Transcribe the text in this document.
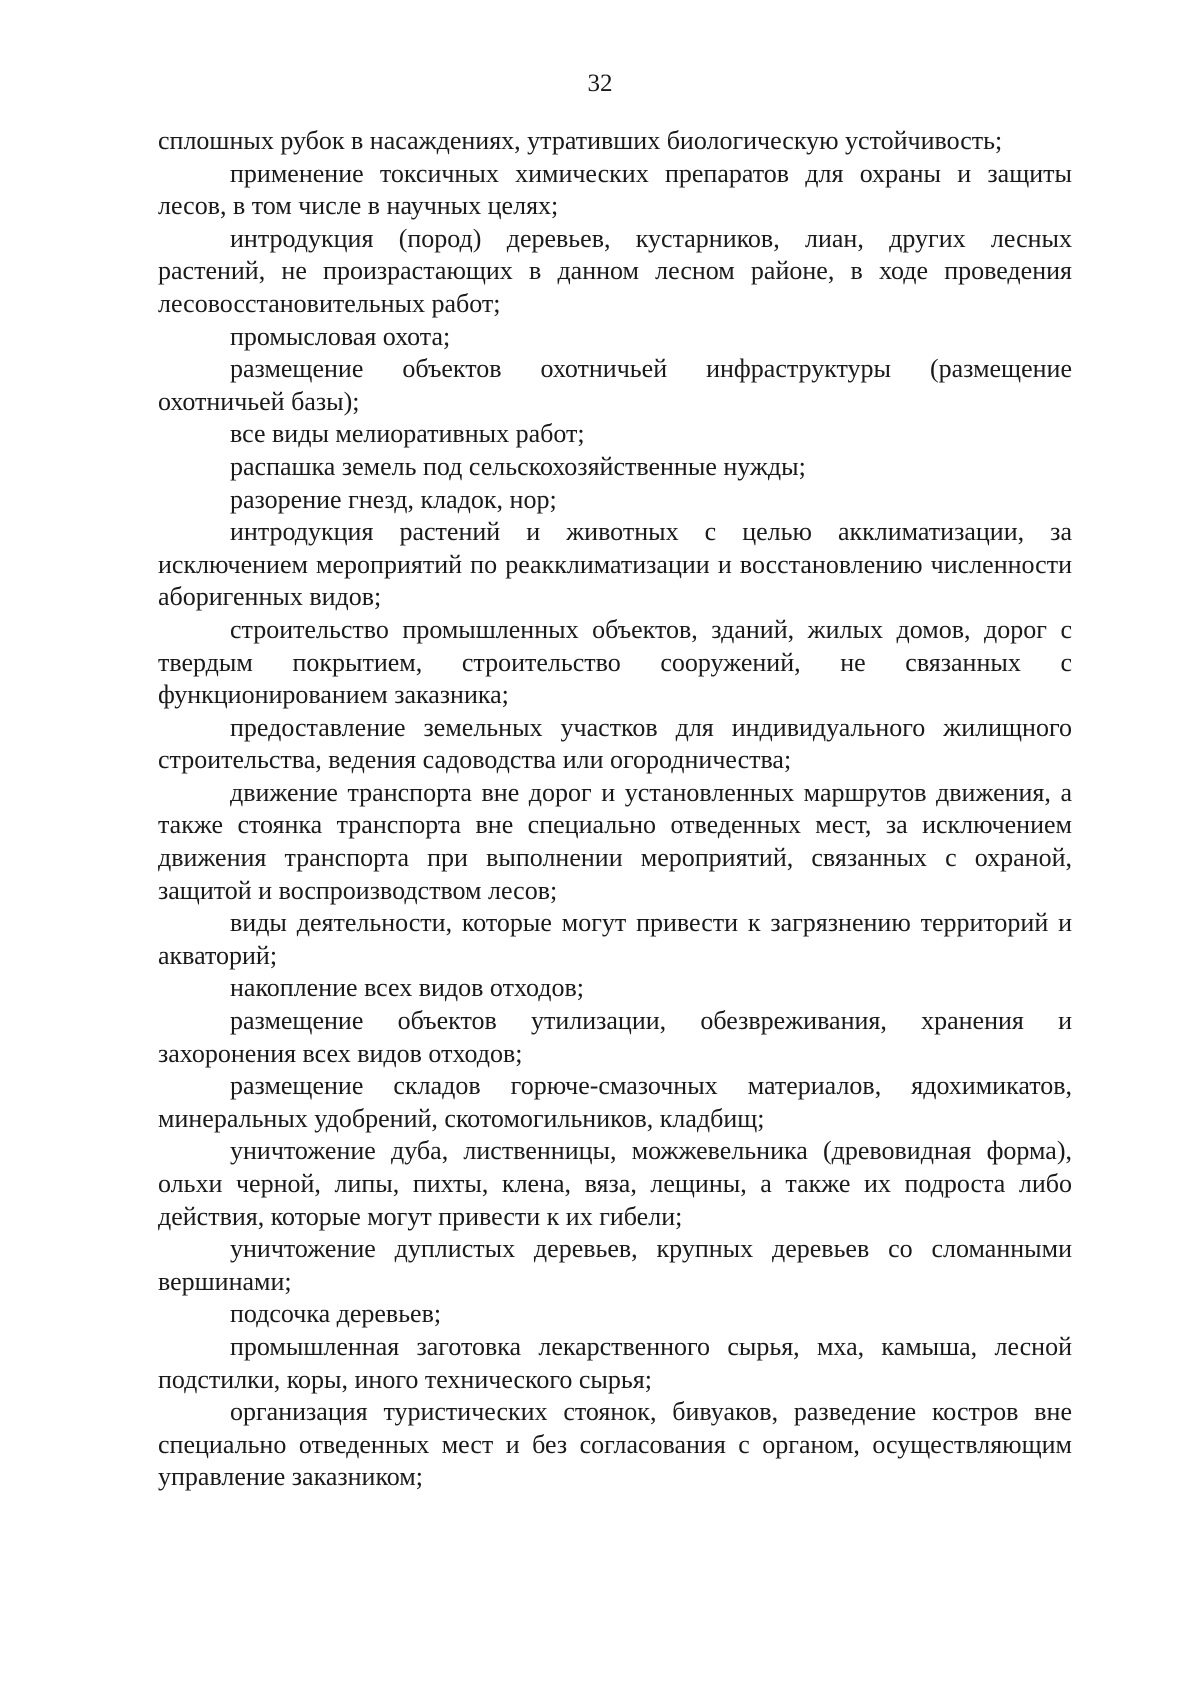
32

сплошных рубок в насаждениях, утративших биологическую устойчивость;

применение токсичных химических препаратов для охраны и защиты лесов, в том числе в научных целях;

интродукция (пород) деревьев, кустарников, лиан, других лесных растений, не произрастающих в данном лесном районе, в ходе проведения лесовосстановительных работ;

промысловая охота;

размещение объектов охотничьей инфраструктуры (размещение охотничьей базы);

все виды мелиоративных работ;

распашка земель под сельскохозяйственные нужды;

разорение гнезд, кладок, нор;

интродукция растений и животных с целью акклиматизации, за исключением мероприятий по реакклиматизации и восстановлению численности аборигенных видов;

строительство промышленных объектов, зданий, жилых домов, дорог с твердым покрытием, строительство сооружений, не связанных с функционированием заказника;

предоставление земельных участков для индивидуального жилищного строительства, ведения садоводства или огородничества;

движение транспорта вне дорог и установленных маршрутов движения, а также стоянка транспорта вне специально отведенных мест, за исключением движения транспорта при выполнении мероприятий, связанных с охраной, защитой и воспроизводством лесов;

виды деятельности, которые могут привести к загрязнению территорий и акваторий;

накопление всех видов отходов;

размещение объектов утилизации, обезвреживания, хранения и захоронения всех видов отходов;

размещение складов горюче-смазочных материалов, ядохимикатов, минеральных удобрений, скотомогильников, кладбищ;

уничтожение дуба, лиственницы, можжевельника (древовидная форма), ольхи черной, липы, пихты, клена, вяза, лещины, а также их подроста либо действия, которые могут привести к их гибели;

уничтожение дуплистых деревьев, крупных деревьев со сломанными вершинами;

подсочка деревьев;

промышленная заготовка лекарственного сырья, мха, камыша, лесной подстилки, коры, иного технического сырья;

организация туристических стоянок, бивуаков, разведение костров вне специально отведенных мест и без согласования с органом, осуществляющим управление заказником;
